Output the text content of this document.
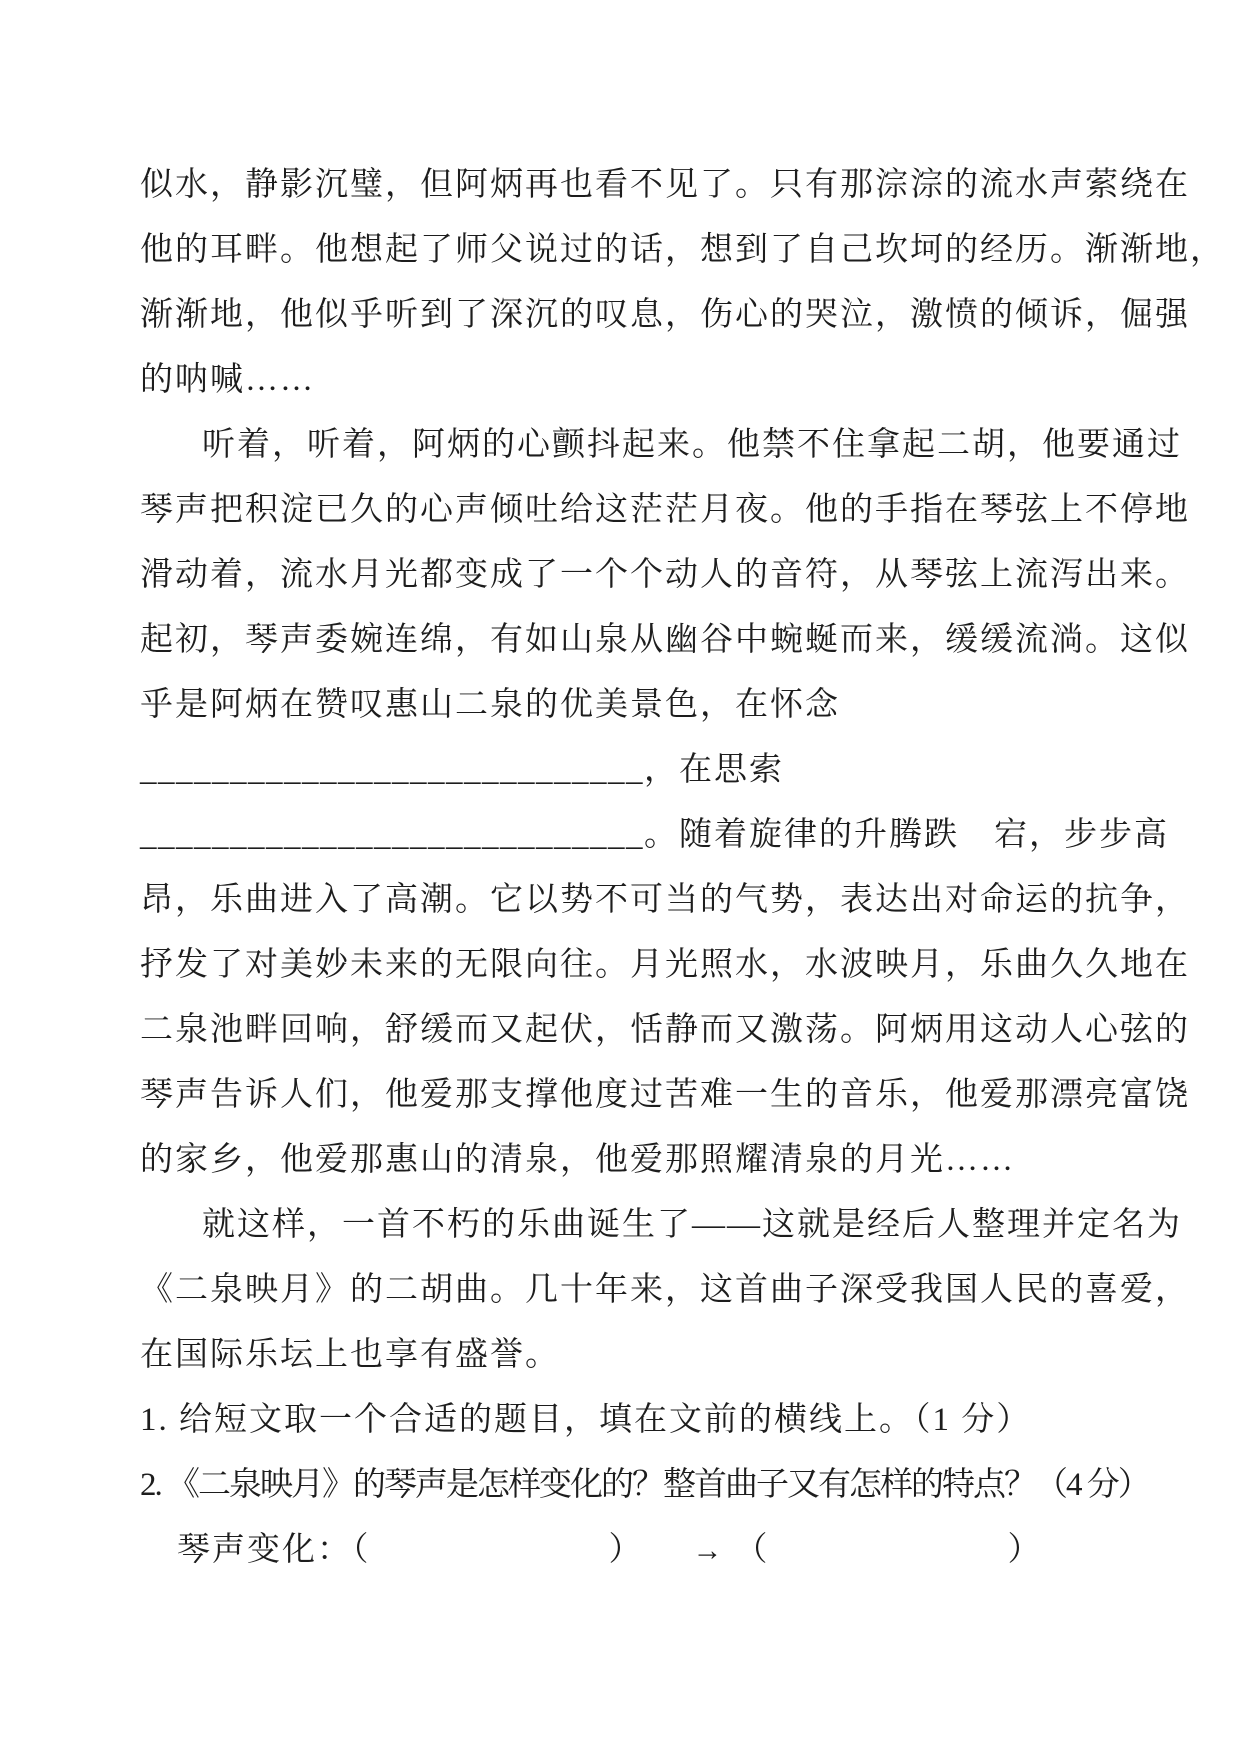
似水，静影沉璧，但阿炳再也看不见了。只有那淙淙的流水声萦绕在
他的耳畔。他想起了师父说过的话，想到了自己坎坷的经历。渐渐地，
渐渐地，他似乎听到了深沉的叹息，伤心的哭泣，激愤的倾诉，倔强
的呐喊……
听着，听着，阿炳的心颤抖起来。他禁不住拿起二胡，他要通过
琴声把积淀已久的心声倾吐给这茫茫月夜。他的手指在琴弦上不停地
滑动着，流水月光都变成了一个个动人的音符，从琴弦上流泻出来。
起初，琴声委婉连绵，有如山泉从幽谷中蜿蜒而来，缓缓流淌。这似
乎是阿炳在赞叹惠山二泉的优美景色，在怀念
____________________________，在思索
____________________________。随着旋律的升腾跌　宕，步步高
昂，乐曲进入了高潮。它以势不可当的气势，表达出对命运的抗争，
抒发了对美妙未来的无限向往。月光照水，水波映月，乐曲久久地在
二泉池畔回响，舒缓而又起伏，恬静而又激荡。阿炳用这动人心弦的
琴声告诉人们，他爱那支撑他度过苦难一生的音乐，他爱那漂亮富饶
的家乡，他爱那惠山的清泉，他爱那照耀清泉的月光……
就这样，一首不朽的乐曲诞生了——这就是经后人整理并定名为
《二泉映月》的二胡曲。几十年来，这首曲子深受我国人民的喜爱，
在国际乐坛上也享有盛誉。
1. 给短文取一个合适的题目，填在文前的横线上。（1 分）
2. 《二泉映月》的琴声是怎样变化的？整首曲子又有怎样的特点？（4 分）
琴声变化：（	） → （	）
